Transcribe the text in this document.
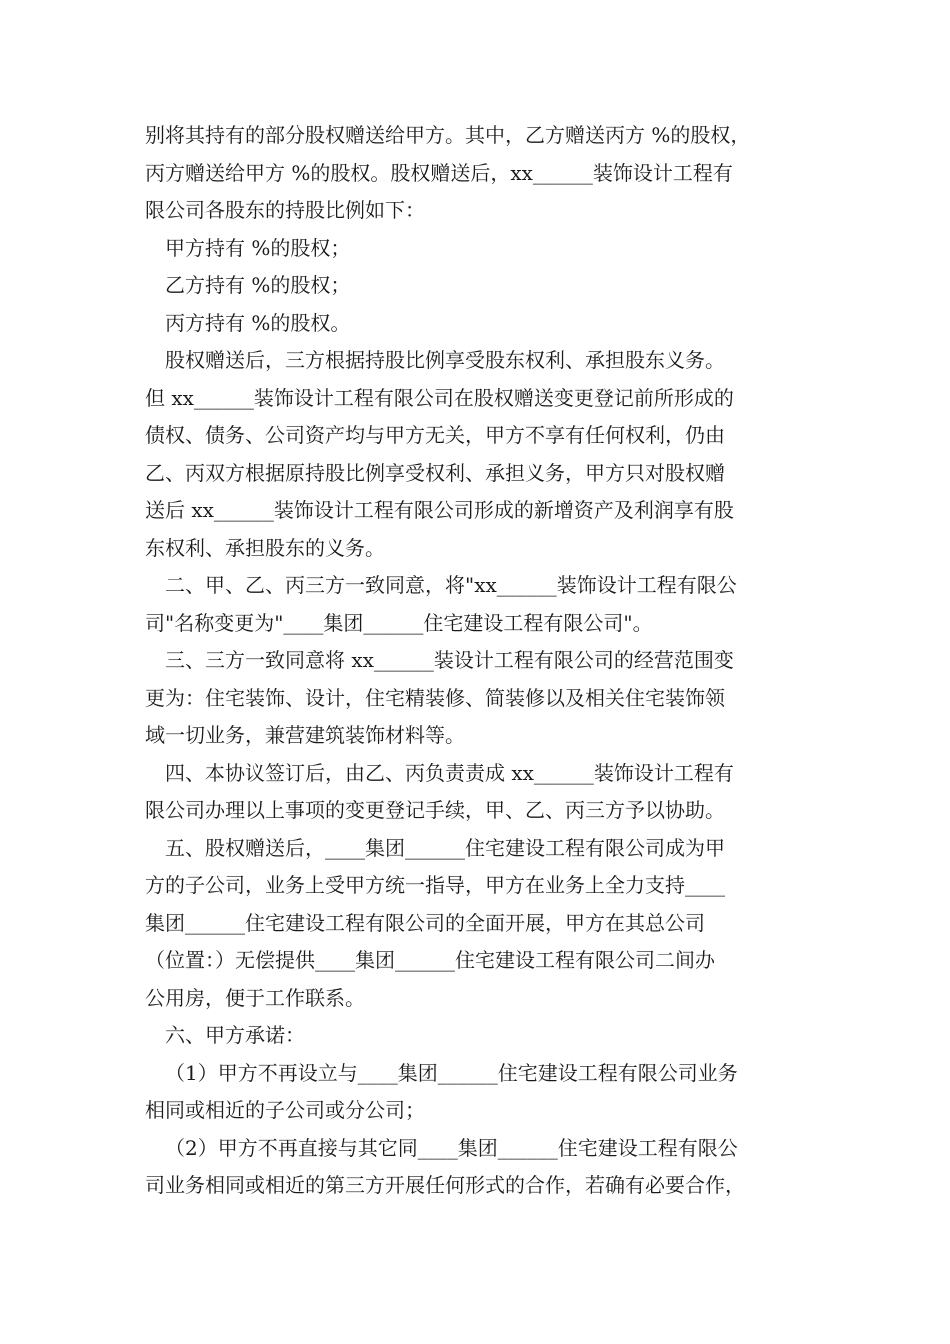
别将其持有的部分股权赠送给甲方。其中，乙方赠送丙方 %的股权，
丙方赠送给甲方 %的股权。股权赠送后，xx______装饰设计工程有
限公司各股东的持股比例如下：
甲方持有 %的股权；
乙方持有 %的股权；
丙方持有 %的股权。
股权赠送后，三方根据持股比例享受股东权利、承担股东义务。
但 xx______装饰设计工程有限公司在股权赠送变更登记前所形成的
债权、债务、公司资产均与甲方无关，甲方不享有任何权利，仍由
乙、丙双方根据原持股比例享受权利、承担义务，甲方只对股权赠
送后 xx______装饰设计工程有限公司形成的新增资产及利润享有股
东权利、承担股东的义务。
二、甲、乙、丙三方一致同意，将"xx______装饰设计工程有限公
司"名称变更为"____集团______住宅建设工程有限公司"。
三、三方一致同意将 xx______装设计工程有限公司的经营范围变
更为：住宅装饰、设计，住宅精装修、简装修以及相关住宅装饰领
域一切业务，兼营建筑装饰材料等。
四、本协议签订后，由乙、丙负责责成 xx______装饰设计工程有
限公司办理以上事项的变更登记手续，甲、乙、丙三方予以协助。
五、股权赠送后，____集团______住宅建设工程有限公司成为甲
方的子公司，业务上受甲方统一指导，甲方在业务上全力支持____
集团______住宅建设工程有限公司的全面开展，甲方在其总公司
（位置：）无偿提供____集团______住宅建设工程有限公司二间办
公用房，便于工作联系。
六、甲方承诺：
（1）甲方不再设立与____集团______住宅建设工程有限公司业务
相同或相近的子公司或分公司；
（2）甲方不再直接与其它同____集团______住宅建设工程有限公
司业务相同或相近的第三方开展任何形式的合作，若确有必要合作，
